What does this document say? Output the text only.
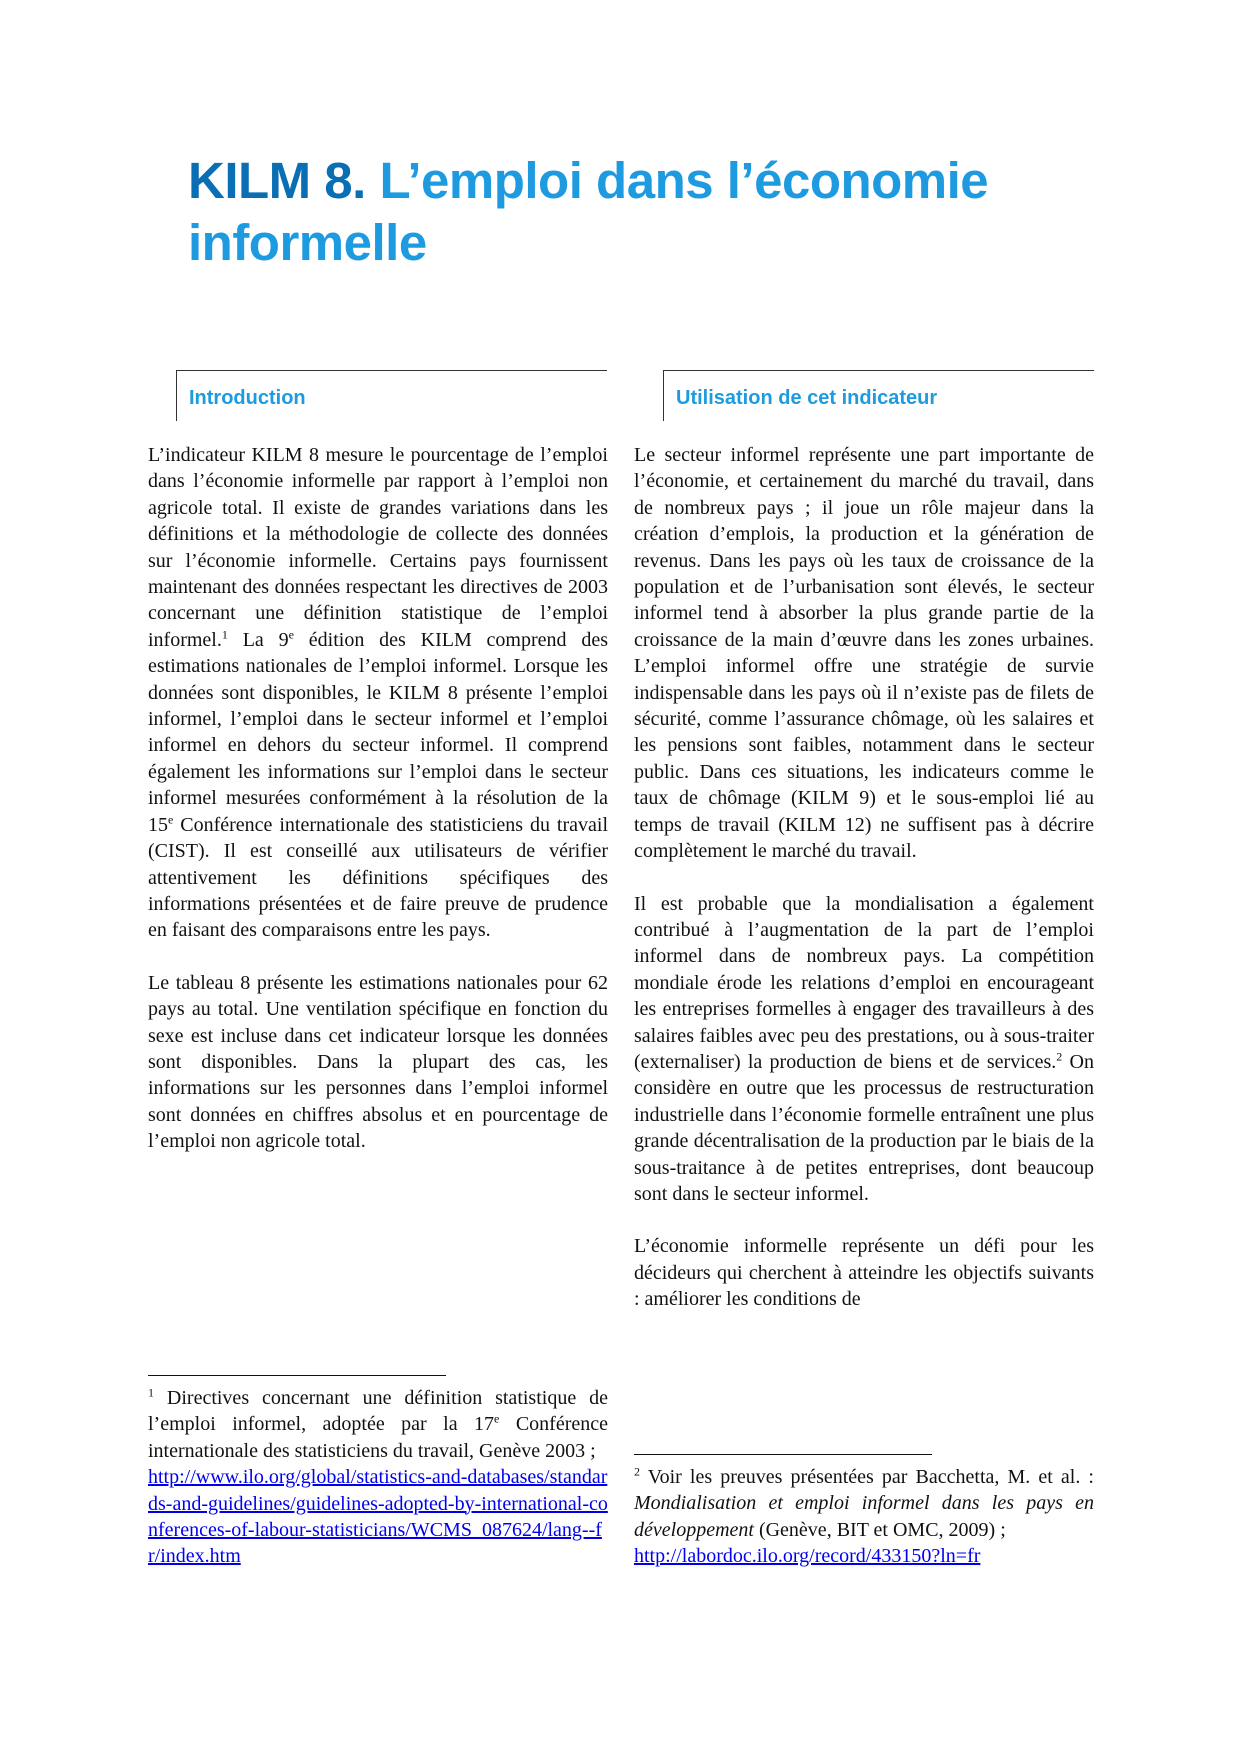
KILM 8. L’emploi dans l’économie informelle
Introduction	Utilisation de cet indicateur

L’indicateur KILM 8 mesure le pourcentage de l’emploi dans l’économie informelle par rapport à l’emploi non agricole total. Il existe de grandes variations dans les définitions et la méthodologie de collecte des données sur l’économie informelle. Certains pays fournissent maintenant des données respectant les directives de 2003 concernant une définition statistique de l’emploi informel.$^1$ La 9e édition des KILM comprend des estimations nationales de l’emploi informel. Lorsque les données sont disponibles, le KILM 8 présente l’emploi informel, l’emploi dans le secteur informel et l’emploi informel en dehors du secteur informel. Il comprend également les informations sur l’emploi dans le secteur informel mesurées conformément à la résolution de la 15e Conférence internationale des statisticiens du travail (CIST). Il est conseillé aux utilisateurs de vérifier attentivement les définitions spécifiques des informations présentées et de faire preuve de prudence en faisant des comparaisons entre les pays.

Le tableau 8 présente les estimations nationales pour 62 pays au total. Une ventilation spécifique en fonction du sexe est incluse dans cet indicateur lorsque les données sont disponibles. Dans la plupart des cas, les informations sur les personnes dans l’emploi informel sont données en chiffres absolus et en pourcentage de l’emploi non agricole total.

Le secteur informel représente une part importante de l’économie, et certainement du marché du travail, dans de nombreux pays ; il joue un rôle majeur dans la création d’emplois, la production et la génération de revenus. Dans les pays où les taux de croissance de la population et de l’urbanisation sont élevés, le secteur informel tend à absorber la plus grande partie de la croissance de la main d’œuvre dans les zones urbaines. L’emploi informel offre une stratégie de survie indispensable dans les pays où il n’existe pas de filets de sécurité, comme l’assurance chômage, où les salaires et les pensions sont faibles, notamment dans le secteur public. Dans ces situations, les indicateurs comme le taux de chômage (KILM 9) et le sous-emploi lié au temps de travail (KILM 12) ne suffisent pas à décrire complètement le marché du travail.

Il est probable que la mondialisation a également contribué à l’augmentation de la part de l’emploi informel dans de nombreux pays. La compétition mondiale érode les relations d’emploi en encourageant les entreprises formelles à engager des travailleurs à des salaires faibles avec peu des prestations, ou à sous-traiter (externaliser) la production de biens et de services.$^2$ On considère en outre que les processus de restructuration industrielle dans l’économie formelle entraînent une plus grande décentralisation de la production par le biais de la sous-traitance à de petites entreprises, dont beaucoup sont dans le secteur informel.

L’économie informelle représente un défi pour les décideurs qui cherchent à atteindre les objectifs suivants : améliorer les conditions de

$^1$ Directives concernant une définition statistique de l’emploi informel, adoptée par la 17e Conférence internationale des statisticiens du travail, Genève 2003 ;
http://www.ilo.org/global/statistics-and-databases/standards-and-guidelines/guidelines-adopted-by-international-conferences-of-labour-statisticians/WCMS_087624/lang--fr/index.htm

$^2$ Voir les preuves présentées par Bacchetta, M. et al. : Mondialisation et emploi informel dans les pays en développement (Genève, BIT et OMC, 2009) ;
http://labordoc.ilo.org/record/433150?ln=fr
